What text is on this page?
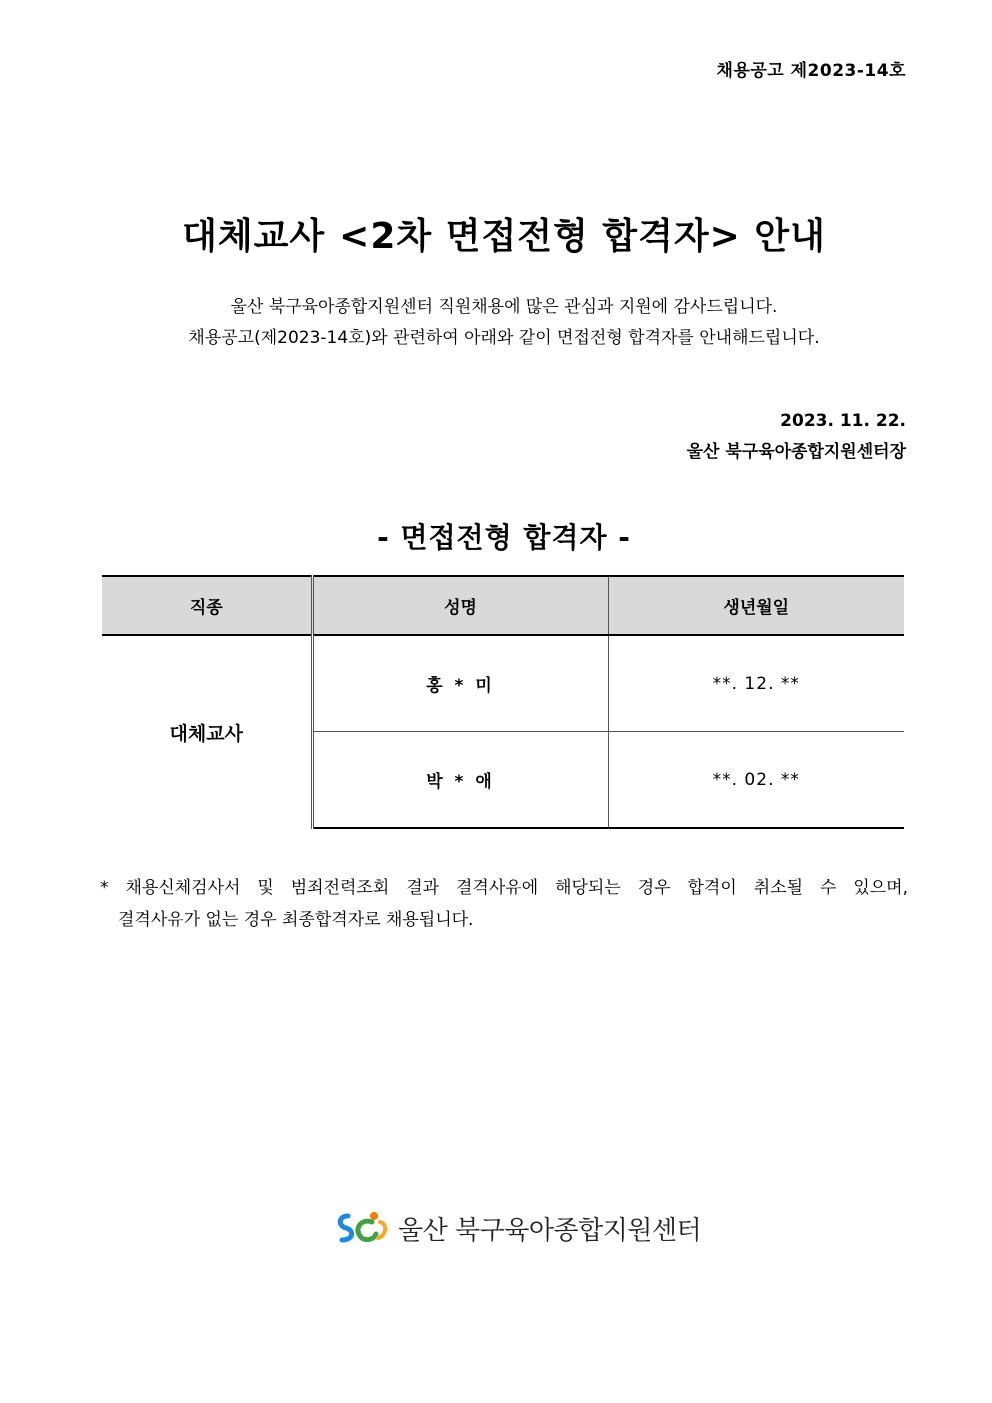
채용공고 제2023-14호
대체교사 <2차 면접전형 합격자> 안내

울산 북구육아종합지원센터 직원채용에 많은 관심과 지원에 감사드립니다.

채용공고(제2023-14호)와 관련하여 아래와 같이 면접전형 합격자를 안내해드립니다.

2023. 11. 22.

울산 북구육아종합지원센터장

- 면접전형 합격자 -
직종	성명	생년월일
대체교사	홍 * 미	**. 12. **
	박 * 애	**. 02. **
* 채용신체검사서 및 범죄전력조회 결과 결격사유에 해당되는 경우 합격이 취소될 수 있으며,
결격사유가 없는 경우 최종합격자로 채용됩니다.
울산 북구육아종합지원센터
